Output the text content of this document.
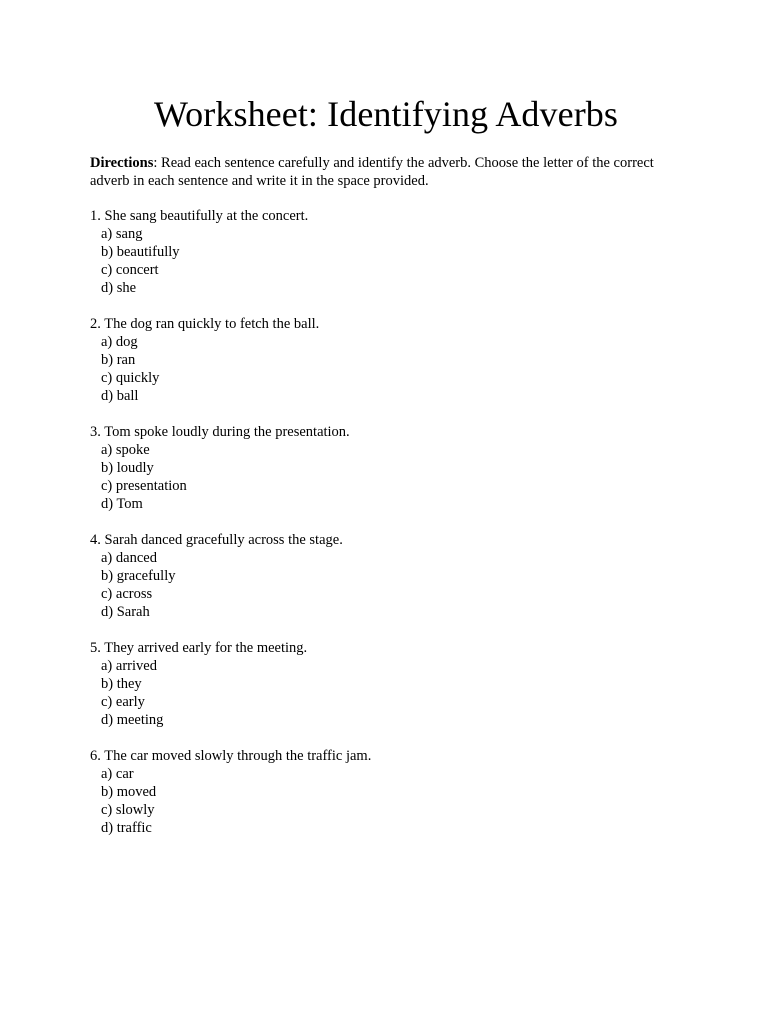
Worksheet: Identifying Adverbs

Directions: Read each sentence carefully and identify the adverb. Choose the letter of the correct adverb in each sentence and write it in the space provided.

1. She sang beautifully at the concert.
a) sang
b) beautifully
c) concert
d) she
2. The dog ran quickly to fetch the ball.
a) dog
b) ran
c) quickly
d) ball
3. Tom spoke loudly during the presentation.
a) spoke
b) loudly
c) presentation
d) Tom
4. Sarah danced gracefully across the stage.
a) danced
b) gracefully
c) across
d) Sarah
5. They arrived early for the meeting.
a) arrived
b) they
c) early
d) meeting
6. The car moved slowly through the traffic jam.
a) car
b) moved
c) slowly
d) traffic
